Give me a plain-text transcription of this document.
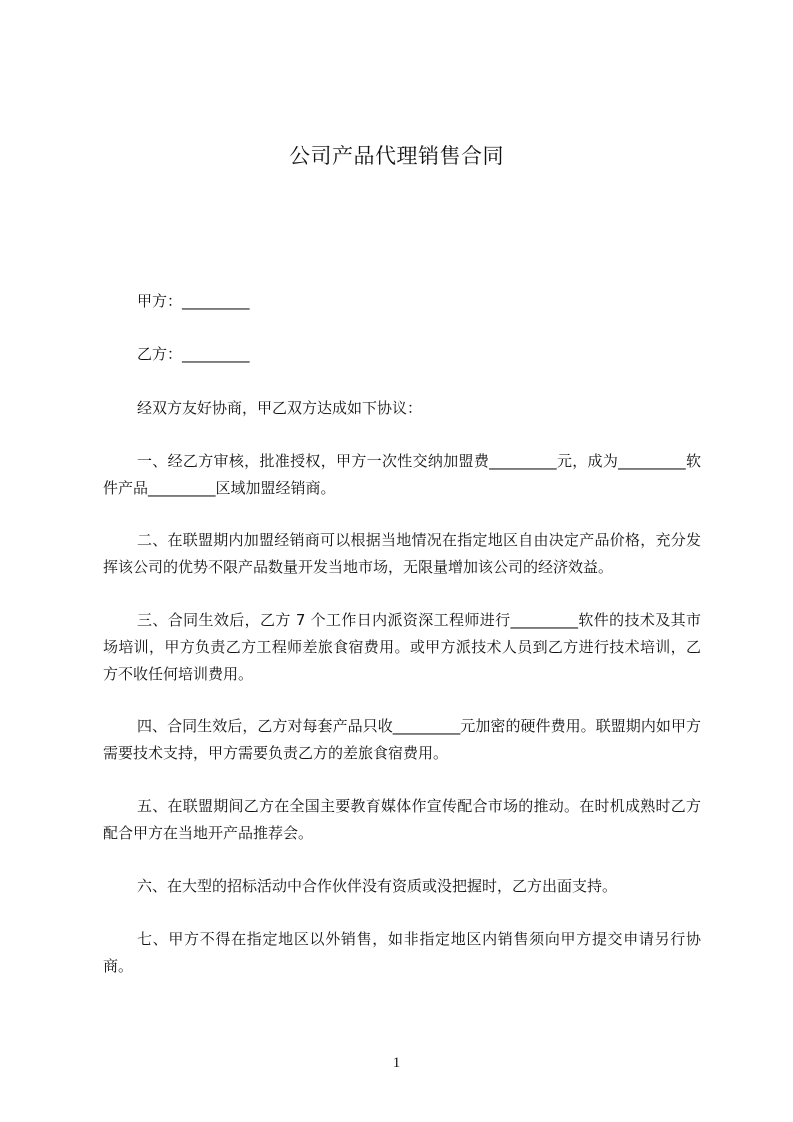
公司产品代理销售合同
甲方：_________
乙方：_________
经双方友好协商，甲乙双方达成如下协议：
一、经乙方审核，批准授权，甲方一次性交纳加盟费_________元，成为_________软件产品_________区域加盟经销商。
二、在联盟期内加盟经销商可以根据当地情况在指定地区自由决定产品价格，充分发挥该公司的优势不限产品数量开发当地市场，无限量增加该公司的经济效益。
三、合同生效后，乙方 7 个工作日内派资深工程师进行_________软件的技术及其市场培训，甲方负责乙方工程师差旅食宿费用。或甲方派技术人员到乙方进行技术培训，乙方不收任何培训费用。
四、合同生效后，乙方对每套产品只收_________元加密的硬件费用。联盟期内如甲方需要技术支持，甲方需要负责乙方的差旅食宿费用。
五、在联盟期间乙方在全国主要教育媒体作宣传配合市场的推动。在时机成熟时乙方配合甲方在当地开产品推荐会。
六、在大型的招标活动中合作伙伴没有资质或没把握时，乙方出面支持。
七、甲方不得在指定地区以外销售，如非指定地区内销售须向甲方提交申请另行协商。
1
